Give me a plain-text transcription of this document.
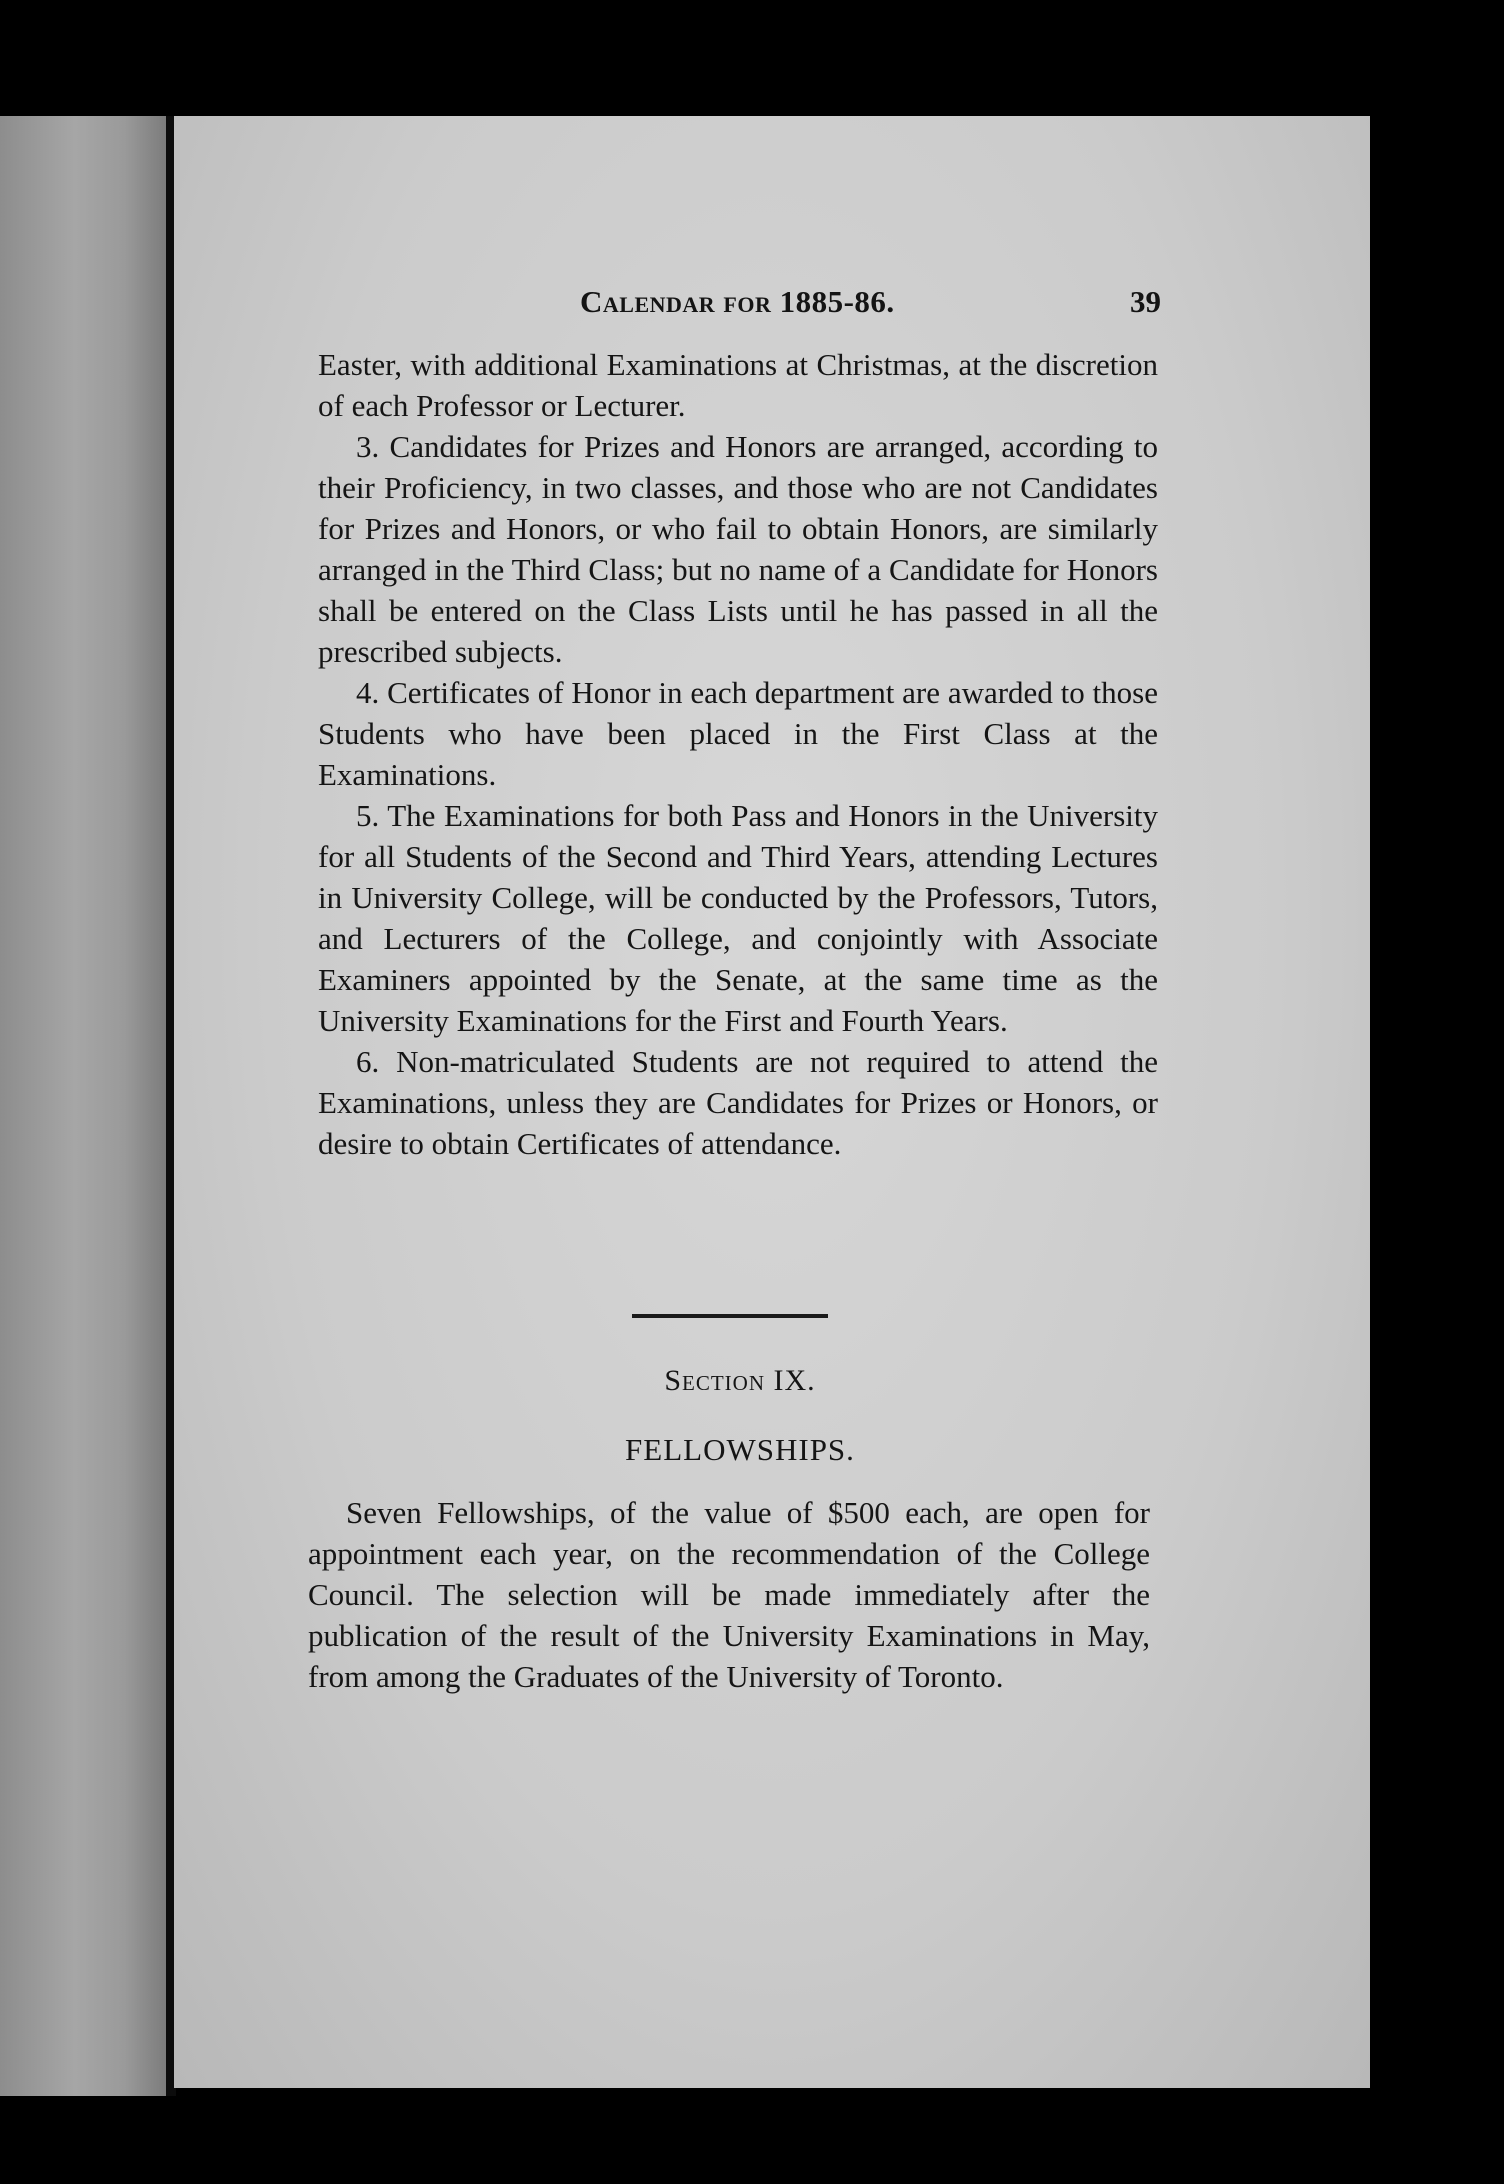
Calendar for 1885-86.	39

Easter, with additional Examinations at Christmas, at the discretion of each Professor or Lecturer.

3. Candidates for Prizes and Honors are arranged, according to their Proficiency, in two classes, and those who are not Candidates for Prizes and Honors, or who fail to obtain Honors, are similarly arranged in the Third Class; but no name of a Candidate for Honors shall be entered on the Class Lists until he has passed in all the prescribed subjects.

4. Certificates of Honor in each department are awarded to those Students who have been placed in the First Class at the Examinations.

5. The Examinations for both Pass and Honors in the University for all Students of the Second and Third Years, attending Lectures in University College, will be conducted by the Professors, Tutors, and Lecturers of the College, and conjointly with Associate Examiners appointed by the Senate, at the same time as the University Examinations for the First and Fourth Years.

6. Non-matriculated Students are not required to attend the Examinations, unless they are Candidates for Prizes or Honors, or desire to obtain Certificates of attendance.

Section IX.
FELLOWSHIPS.

Seven Fellowships, of the value of $500 each, are open for appointment each year, on the recommendation of the College Council. The selection will be made immediately after the publication of the result of the University Examinations in May, from among the Graduates of the University of Toronto.
